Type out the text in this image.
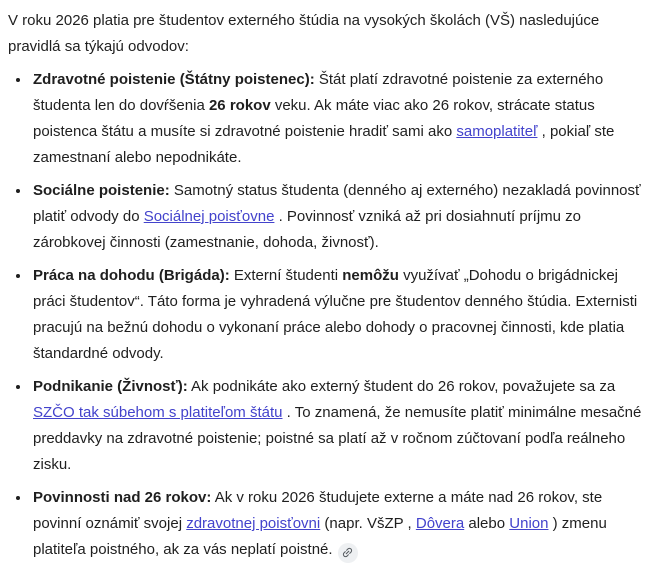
V roku 2026 platia pre študentov externého štúdia na vysokých školách (VŠ) nasledujúce pravidlá sa týkajú odvodov:

• Zdravotné poistenie (Štátny poistenec): Štát platí zdravotné poistenie za externého študenta len do dovŕšenia 26 rokov veku. Ak máte viac ako 26 rokov, strácate status poistenca štátu a musíte si zdravotné poistenie hradiť sami ako samoplatiteľ , pokiaľ ste zamestnaní alebo nepodnikáte.
• Sociálne poistenie: Samotný status študenta (denného aj externého) nezakladá povinnosť platiť odvody do Sociálnej poisťovne . Povinnosť vzniká až pri dosiahnutí príjmu zo zárobkovej činnosti (zamestnanie, dohoda, živnosť).
• Práca na dohodu (Brigáda): Externí študenti nemôžu využívať „Dohodu o brigádnickej práci študentov“. Táto forma je vyhradená výlučne pre študentov denného štúdia. Externisti pracujú na bežnú dohodu o vykonaní práce alebo dohody o pracovnej činnosti, kde platia štandardné odvody.
• Podnikanie (Živnosť): Ak podnikáte ako externý študent do 26 rokov, považujete sa za SZČO tak súbehom s platiteľom štátu . To znamená, že nemusíte platiť minimálne mesačné preddavky na zdravotné poistenie; poistné sa platí až v ročnom zúčtovaní podľa reálneho zisku.
• Povinnosti nad 26 rokov: Ak v roku 2026 študujete externe a máte nad 26 rokov, ste povinní oznámiť svojej zdravotnej poisťovni (napr. VšZP , Dôvera alebo Union ) zmenu platiteľa poistného, ak za vás neplatí poistné.
